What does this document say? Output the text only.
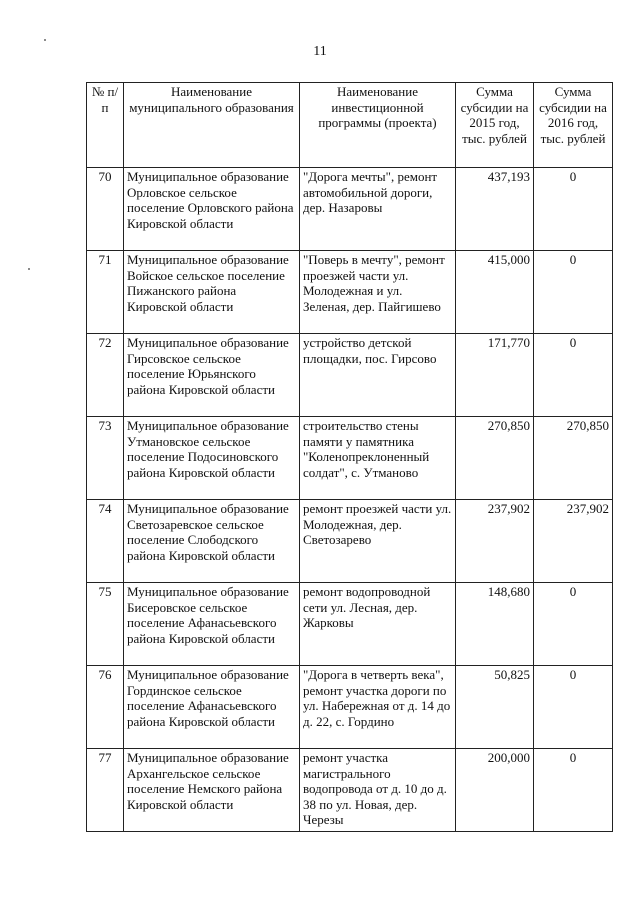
11
№ п/п	Наименование муниципального образования	Наименование инвестиционной программы (проекта)	Сумма субсидии на 2015 год, тыс. рублей	Сумма субсидии на 2016 год, тыс. рублей
70	Муниципальное образование Орловское сельское поселение Орловского района Кировской области	"Дорога мечты", ремонт автомобильной дороги, дер. Назаровы	437,193	0
71	Муниципальное образование Войское сельское поселение Пижанского района Кировской области	"Поверь в мечту", ремонт проезжей части ул. Молодежная и ул. Зеленая, дер. Пайгишево	415,000	0
72	Муниципальное образование Гирсовское сельское поселение Юрьянского района Кировской области	устройство детской площадки, пос. Гирсово	171,770	0
73	Муниципальное образование Утмановское сельское поселение Подосиновского района Кировской области	строительство стены памяти у памятника "Коленопреклоненный солдат", с. Утманово	270,850	270,850
74	Муниципальное образование Светозаревское сельское поселение Слободского района Кировской области	ремонт проезжей части ул. Молодежная, дер. Светозарево	237,902	237,902
75	Муниципальное образование Бисеровское сельское поселение Афанасьевского района Кировской области	ремонт водопроводной сети ул. Лесная, дер. Жарковы	148,680	0
76	Муниципальное образование Гординское сельское поселение Афанасьевского района Кировской области	"Дорога в четверть века", ремонт участка дороги по ул. Набережная от д. 14 до д. 22, с. Гордино	50,825	0
77	Муниципальное образование Архангельское сельское поселение Немского района Кировской области	ремонт участка магистрального водопровода от д. 10 до д. 38 по ул. Новая, дер. Черезы	200,000	0
